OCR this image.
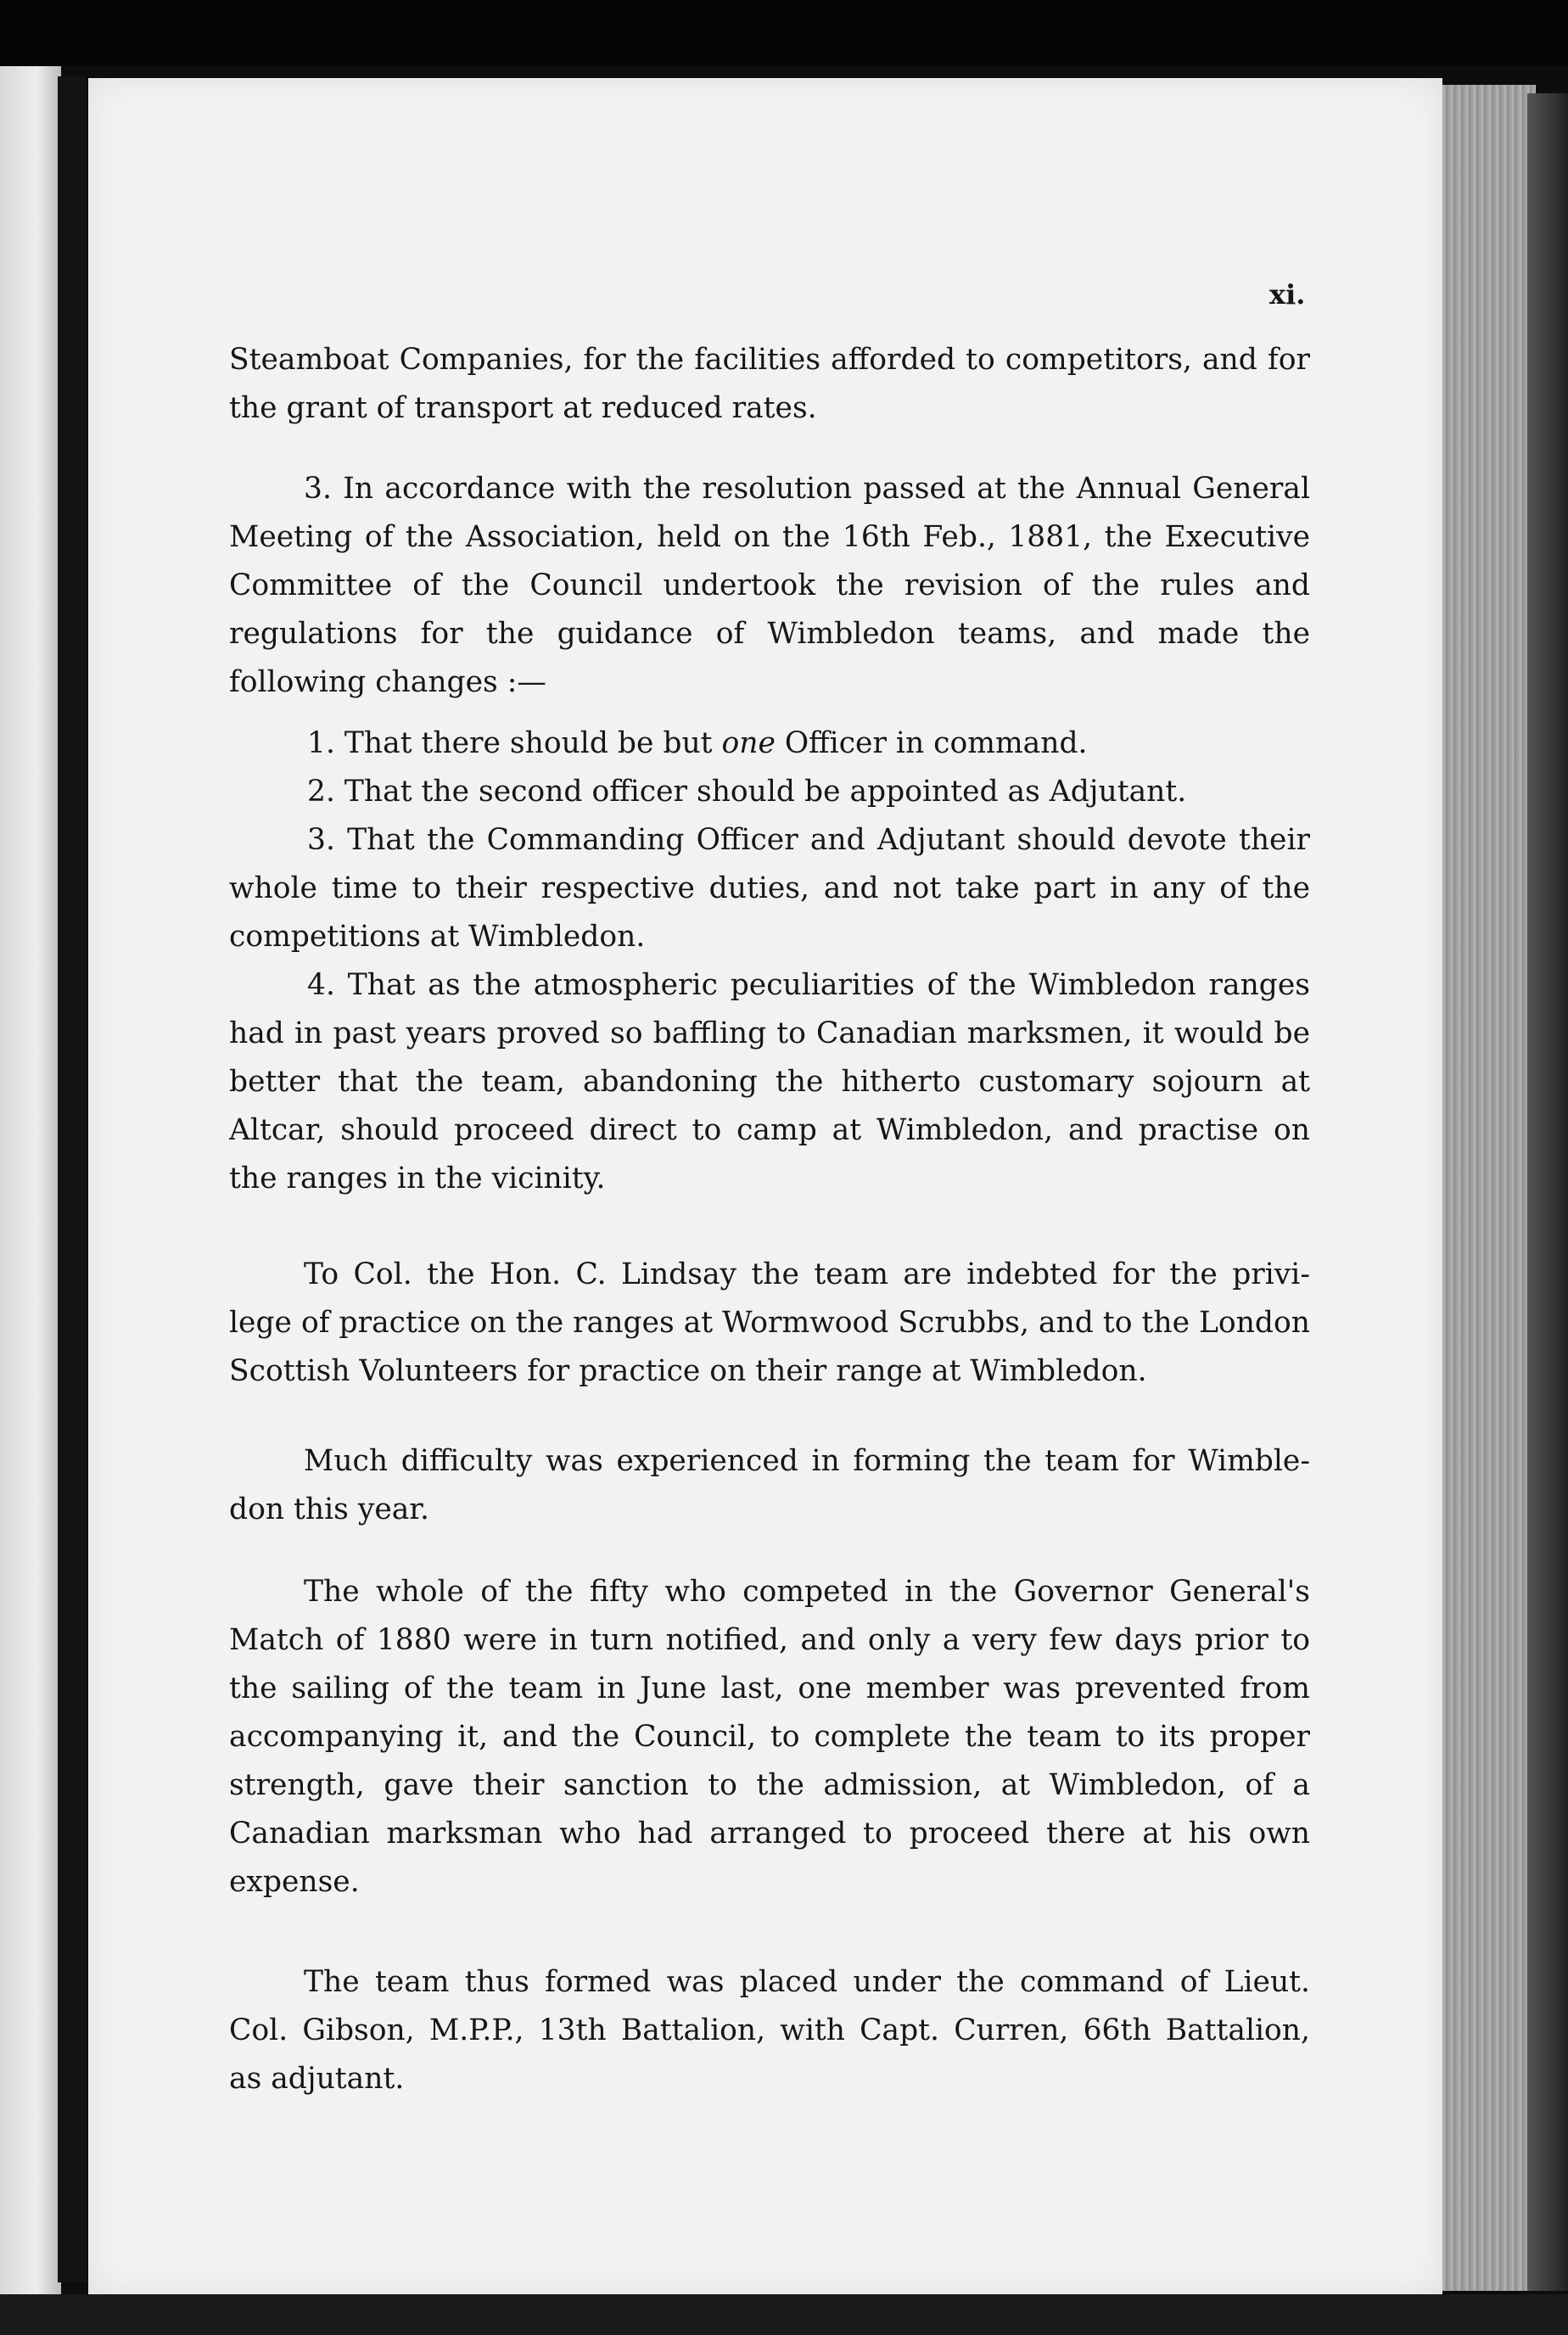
xi.
Steamboat Companies, for the facilities afforded to competitors, and for
the grant of transport at reduced rates.
3. In accordance with the resolution passed at the Annual General
Meeting of the Association, held on the 16th Feb., 1881, the Executive
Committee of the Council undertook the revision of the rules and
regulations for the guidance of Wimbledon teams, and made the
following changes :—
1. That there should be but one Officer in command.
2. That the second officer should be appointed as Adjutant.
3. That the Commanding Officer and Adjutant should devote their
whole time to their respective duties, and not take part in any of the
competitions at Wimbledon.
4. That as the atmospheric peculiarities of the Wimbledon ranges
had in past years proved so baffling to Canadian marksmen, it would be
better that the team, abandoning the hitherto customary sojourn at
Altcar, should proceed direct to camp at Wimbledon, and practise on
the ranges in the vicinity.
To Col. the Hon. C. Lindsay the team are indebted for the privi-
lege of practice on the ranges at Wormwood Scrubbs, and to the London
Scottish Volunteers for practice on their range at Wimbledon.
Much difficulty was experienced in forming the team for Wimble-
don this year.
The whole of the fifty who competed in the Governor General's
Match of 1880 were in turn notified, and only a very few days prior to
the sailing of the team in June last, one member was prevented from
accompanying it, and the Council, to complete the team to its proper
strength, gave their sanction to the admission, at Wimbledon, of a
Canadian marksman who had arranged to proceed there at his own
expense.
The team thus formed was placed under the command of Lieut.
Col. Gibson, M.P.P., 13th Battalion, with Capt. Curren, 66th Battalion,
as adjutant.
